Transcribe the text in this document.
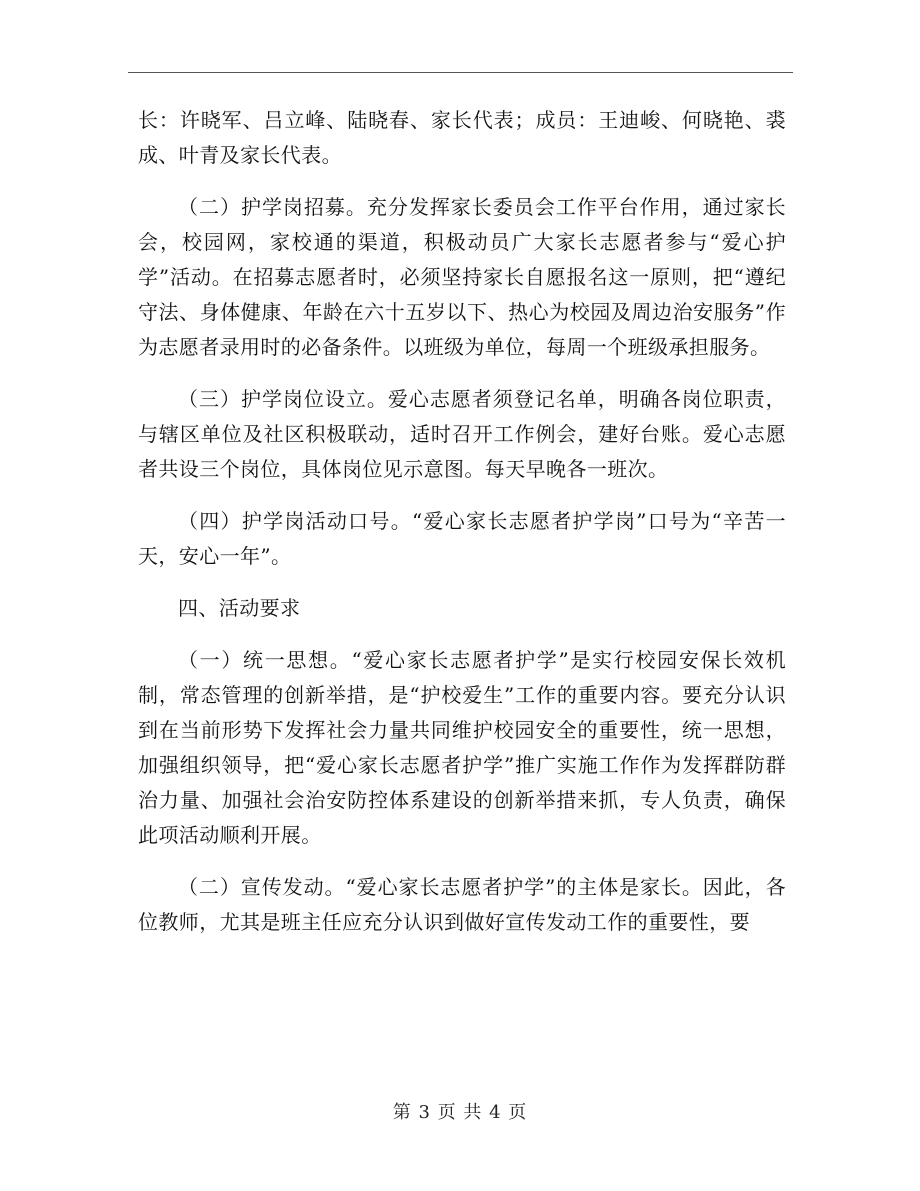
长：许晓军、吕立峰、陆晓春、家长代表；成员：王迪峻、何晓艳、裘成、叶青及家长代表。

（二）护学岗招募。充分发挥家长委员会工作平台作用，通过家长会，校园网，家校通的渠道，积极动员广大家长志愿者参与“爱心护学”活动。在招募志愿者时，必须坚持家长自愿报名这一原则，把“遵纪守法、身体健康、年龄在六十五岁以下、热心为校园及周边治安服务”作为志愿者录用时的必备条件。以班级为单位，每周一个班级承担服务。

（三）护学岗位设立。爱心志愿者须登记名单，明确各岗位职责，与辖区单位及社区积极联动，适时召开工作例会，建好台账。爱心志愿者共设三个岗位，具体岗位见示意图。每天早晚各一班次。

（四）护学岗活动口号。“爱心家长志愿者护学岗”口号为“辛苦一天，安心一年”。

四、活动要求

（一）统一思想。“爱心家长志愿者护学”是实行校园安保长效机制，常态管理的创新举措，是“护校爱生”工作的重要内容。要充分认识到在当前形势下发挥社会力量共同维护校园安全的重要性，统一思想，加强组织领导，把“爱心家长志愿者护学”推广实施工作作为发挥群防群治力量、加强社会治安防控体系建设的创新举措来抓，专人负责，确保此项活动顺利开展。

（二）宣传发动。“爱心家长志愿者护学”的主体是家长。因此，各位教师，尤其是班主任应充分认识到做好宣传发动工作的重要性，要

第 3 页 共 4 页
